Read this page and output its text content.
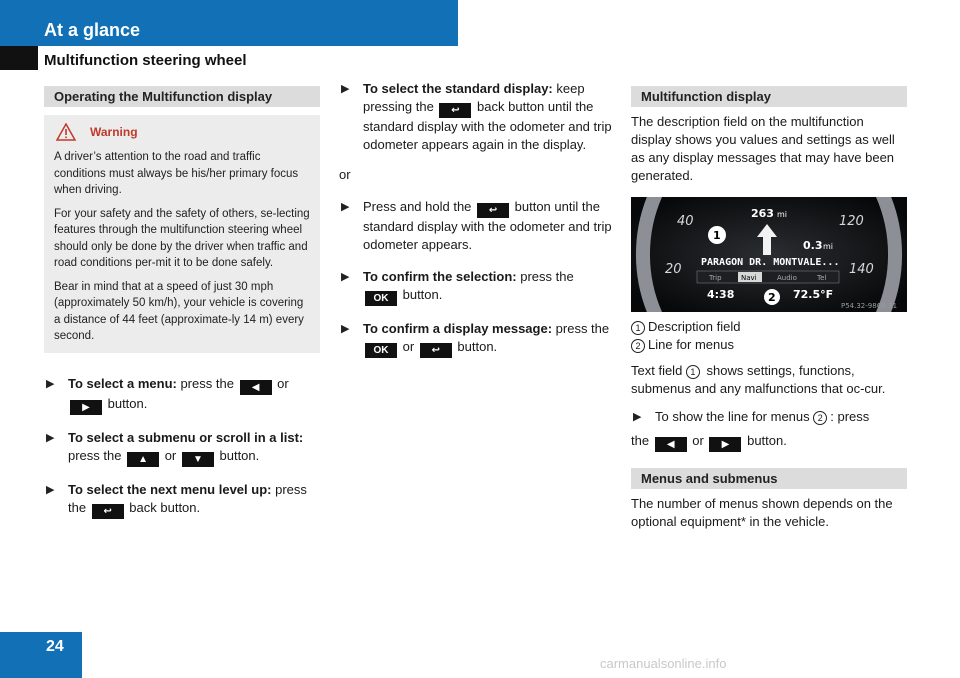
At a glance
Multifunction steering wheel
Operating the Multifunction display
Warning

A driver’s attention to the road and traffic conditions must always be his/her primary focus when driving.

For your safety and the safety of others, se-lecting features through the multifunction steering wheel should only be done by the driver when traffic and road conditions per-mit it to be done safely.

Bear in mind that at a speed of just 30 mph (approximately 50 km/h), your vehicle is covering a distance of 44 feet (approximate-ly 14 m) every second.

▶ To select a menu: press the ◀ or ▶ button.
▶ To select a submenu or scroll in a list: press the ▲ or ▼ button.
▶ To select the next menu level up: press the ↩ back button.
▶ To select the standard display: keep pressing the ↩ back button until the standard display with the odometer and trip odometer appears again in the display.
or
▶ Press and hold the ↩ button until the standard display with the odometer and trip odometer appears.
▶ To confirm the selection: press the OK button.
▶ To confirm a display message: press the OK or ↩ button.
Multifunction display

The description field on the multifunction display shows you values and settings as well as any display messages that may have been generated.

40	120
20	140
263 mi
1
0.3 mi
PARAGON DR. MONTVALE...
Trip	Navi	Audio	Tel
4:38	2 72.5°F
P54.32-9869-31
1 Description field
2 Line for menus

Text field 1 shows settings, functions, submenus and any malfunctions that oc-cur.

▶ To show the line for menus 2 : press

the ◀ or ▶ button.

Menus and submenus

The number of menus shown depends on the optional equipment* in the vehicle.

24
carmanualsonline.info
